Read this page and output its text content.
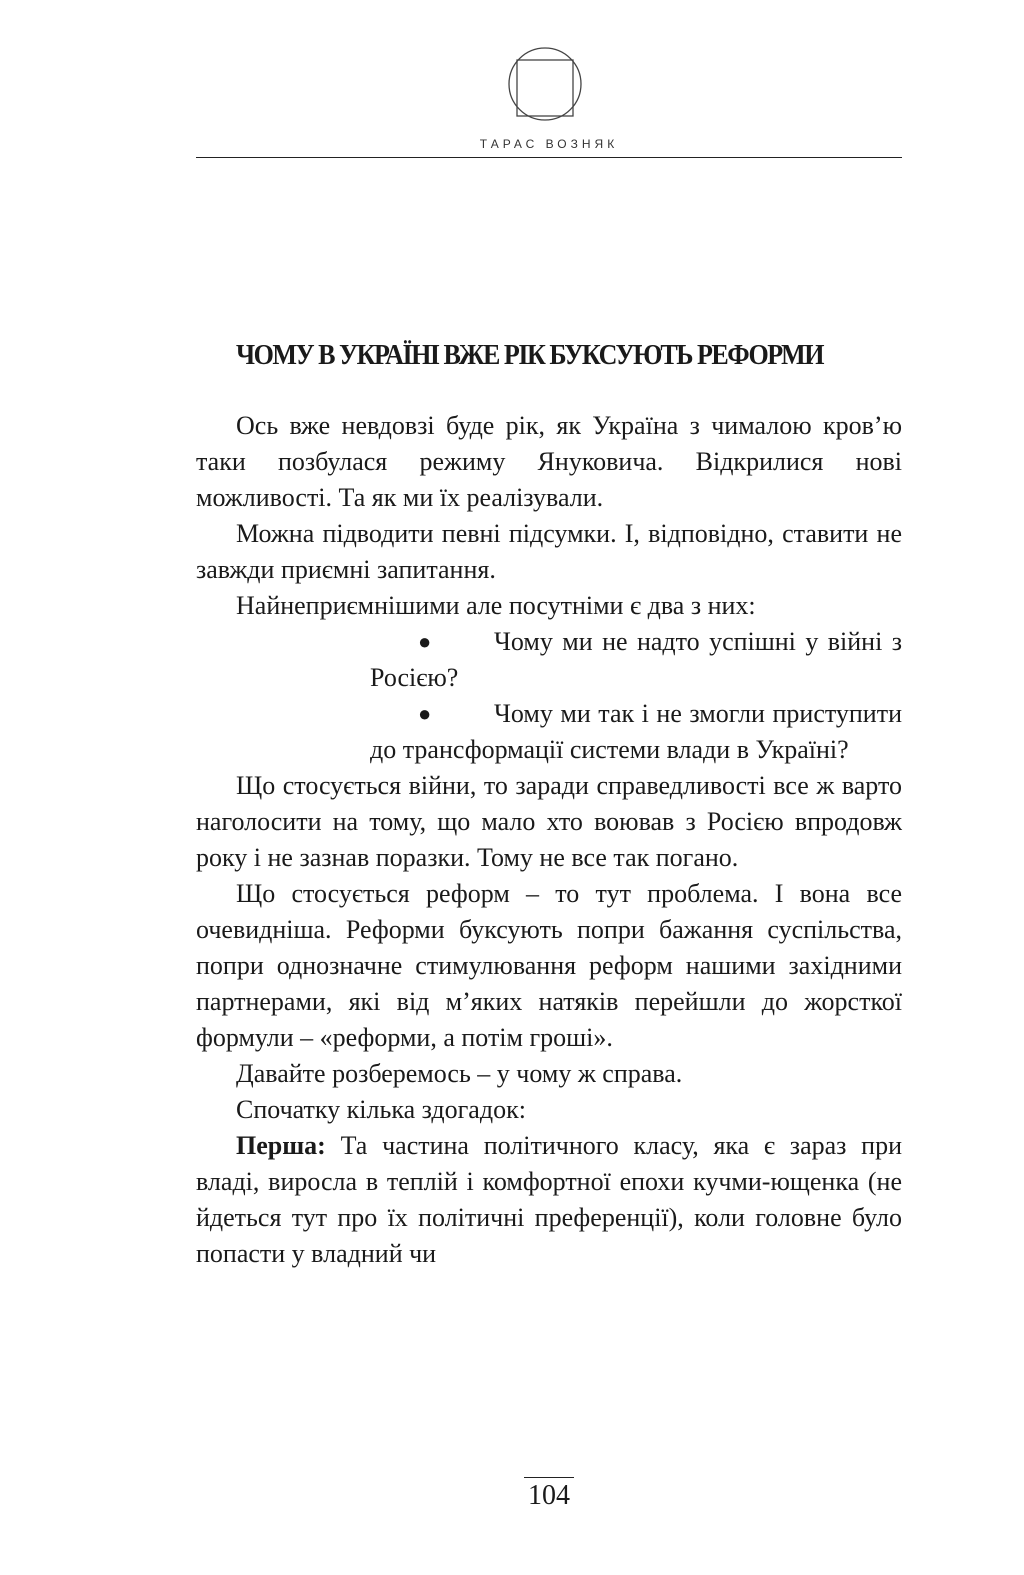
ТАРАС ВОЗНЯК
ЧОМУ В УКРАЇНІ ВЖЕ РІК БУКСУЮТЬ РЕФОРМИ

Ось вже невдовзі буде рік, як Україна з чималою кров’ю таки позбулася режиму Януковича. Відкрилися нові можливості. Та як ми їх реалізували.

Можна підводити певні підсумки. І, відповідно, ставити не завжди приємні запитання.

Найнеприємнішими але посутніми є два з них:

● Чому ми не надто успішні у війні з Росією?
● Чому ми так і не змогли приступити до трансформації системи влади в Україні?

Що стосується війни, то заради справедливості все ж варто наголосити на тому, що мало хто воював з Росією впродовж року і не зазнав поразки. Тому не все так погано.

Що стосується реформ – то тут проблема. І вона все очевидніша. Реформи буксують попри бажання суспільства, попри однозначне стимулювання реформ нашими західними партнерами, які від м’яких натяків перейшли до жорсткої формули – «реформи, а потім гроші».

Давайте розберемось – у чому ж справа.

Спочатку кілька здогадок:

Перша: Та частина політичного класу, яка є зараз при владі, виросла в теплій і комфортної епохи кучми-ющенка (не йдеться тут про їх політичні преференції), коли головне було попасти у владний чи

104
